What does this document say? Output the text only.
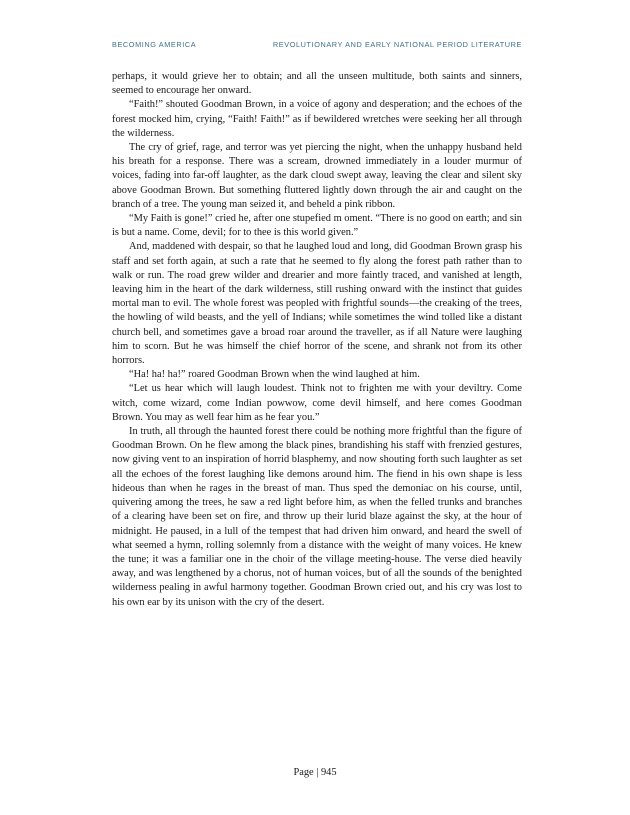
BECOMING AMERICA	REVOLUTIONARY AND EARLY NATIONAL PERIOD LITERATURE

perhaps, it would grieve her to obtain; and all the unseen multitude, both saints and sinners, seemed to encourage her onward.

“Faith!” shouted Goodman Brown, in a voice of agony and desperation; and the echoes of the forest mocked him, crying, “Faith! Faith!” as if bewildered wretches were seeking her all through the wilderness.

The cry of grief, rage, and terror was yet piercing the night, when the unhappy husband held his breath for a response. There was a scream, drowned immediately in a louder murmur of voices, fading into far-off laughter, as the dark cloud swept away, leaving the clear and silent sky above Goodman Brown. But something fluttered lightly down through the air and caught on the branch of a tree. The young man seized it, and beheld a pink ribbon.

“My Faith is gone!” cried he, after one stupefied m oment. “There is no good on earth; and sin is but a name. Come, devil; for to thee is this world given.”

And, maddened with despair, so that he laughed loud and long, did Goodman Brown grasp his staff and set forth again, at such a rate that he seemed to fly along the forest path rather than to walk or run. The road grew wilder and drearier and more faintly traced, and vanished at length, leaving him in the heart of the dark wilderness, still rushing onward with the instinct that guides mortal man to evil. The whole forest was peopled with frightful sounds—the creaking of the trees, the howling of wild beasts, and the yell of Indians; while sometimes the wind tolled like a distant church bell, and sometimes gave a broad roar around the traveller, as if all Nature were laughing him to scorn. But he was himself the chief horror of the scene, and shrank not from its other horrors.

“Ha! ha! ha!” roared Goodman Brown when the wind laughed at him.

“Let us hear which will laugh loudest. Think not to frighten me with your deviltry. Come witch, come wizard, come Indian powwow, come devil himself, and here comes Goodman Brown. You may as well fear him as he fear you.”

In truth, all through the haunted forest there could be nothing more frightful than the figure of Goodman Brown. On he flew among the black pines, brandishing his staff with frenzied gestures, now giving vent to an inspiration of horrid blasphemy, and now shouting forth such laughter as set all the echoes of the forest laughing like demons around him. The fiend in his own shape is less hideous than when he rages in the breast of man. Thus sped the demoniac on his course, until, quivering among the trees, he saw a red light before him, as when the felled trunks and branches of a clearing have been set on fire, and throw up their lurid blaze against the sky, at the hour of midnight. He paused, in a lull of the tempest that had driven him onward, and heard the swell of what seemed a hymn, rolling solemnly from a distance with the weight of many voices. He knew the tune; it was a familiar one in the choir of the village meeting-house. The verse died heavily away, and was lengthened by a chorus, not of human voices, but of all the sounds of the benighted wilderness pealing in awful harmony together. Goodman Brown cried out, and his cry was lost to his own ear by its unison with the cry of the desert.

Page | 945
